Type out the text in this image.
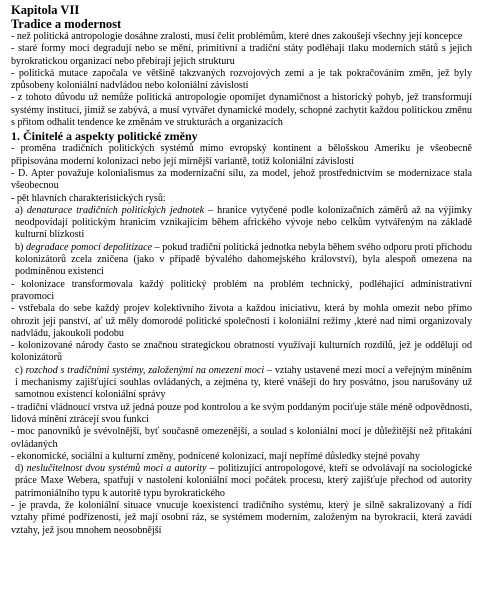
Kapitola VII
Tradice a modernost
- než politická antropologie dosáhne zralosti, musí čelit problémům, které dnes zakoušejí všechny její koncepce
- staré formy moci degradují nebo se mění, primitivní a tradiční státy podléhají tlaku moderních států s jejich byrokratickou organizací nebo přebírají jejich strukturu
- politická mutace započala ve většině takzvaných rozvojových zemí a je tak pokračováním změn, jež byly způsobeny koloniální nadvládou nebo koloniální závislostí
- z tohoto důvodu už nemůže politická antropologie opomíjet dynamičnost a historický pohyb, jež transformují systémy institucí, jimiž se zabývá, a musí vytvářet dynamické modely, schopné zachytit každou politickou změnu s přitom odhalit tendence ke změnám ve strukturách a organizacích
1. Činitelé a aspekty politické změny
- proměna tradičních politických systémů mimo evropský kontinent a bělošskou Ameriku je všeobecně připisována moderní kolonizaci nebo její mírnější variantě, totiž koloniální závislosti
- D. Apter považuje kolonialismus za modernizační sílu, za model, jehož prostřednictvím se modernizace stala všeobecnou
- pět hlavních charakteristických rysů:
a) denaturace tradičních politických jednotek – hranice vytyčené podle kolonizačních záměrů až na výjimky neodpovídají politickým hranicím vznikajícím během afrického vývoje nebo celkům vytvářeným na základě kulturní blízkosti
b) degradace pomocí depolitizace – pokud tradiční politická jednotka nebyla během svého odporu proti příchodu kolonizátorů zcela zničena (jako v případě bývalého dahomejského království), byla alespoň omezena na podmíněnou existenci
- kolonizace transformovala každý politický problém na problém technický, podléhající administrativní pravomoci
- vstřebala do sebe každý projev kolektivního života a každou iniciativu, která by mohla omezit nebo přímo ohrozit její panství, ať už měly domorodé politické společnosti i koloniální režimy ,které nad nimi organizovaly nadvládu, jakoukoli podobu
- kolonizované národy často se značnou strategickou obratností využívají kulturních rozdílů, jež je oddělují od kolonizátorů
c) rozchod s tradičními systémy, založenými na omezení moci – vztahy ustavené mezi mocí a veřejným míněním i mechanismy zajišťující souhlas ovládaných, a zejména ty, které vnášejí do hry posvátno, jsou narušovány už samotnou existencí koloniální správy
- tradiční vládnoucí vrstva už jedná pouze pod kontrolou a ke svým poddaným pociťuje stále méně odpovědnosti, lidová mínění ztrácejí svou funkci
- moc panovníků je svévolnější, byť současně omezenější, a soulad s koloniální mocí je důležitější než přitakání ovládaných
- ekonomické, sociální a kulturní změny, podnícené kolonizací, mají nepřímé důsledky stejné povahy
d) neslučitelnost dvou systémů moci a autority – politizující antropologové, kteří se odvolávají na sociologické práce Maxe Webera, spatřují v nastolení koloniální moci počátek procesu, který zajišťuje přechod od autority patrimoniálního typu k autoritě typu byrokratického
- je pravda, že koloniální situace vnucuje koexistenci tradičního systému, který je silně sakralizovaný a řídí vztahy přímé podřízenosti, jež mají osobní ráz, se systémem moderním, založeným na byrokracii, která zavádí vztahy, jež jsou mnohem neosobnější
